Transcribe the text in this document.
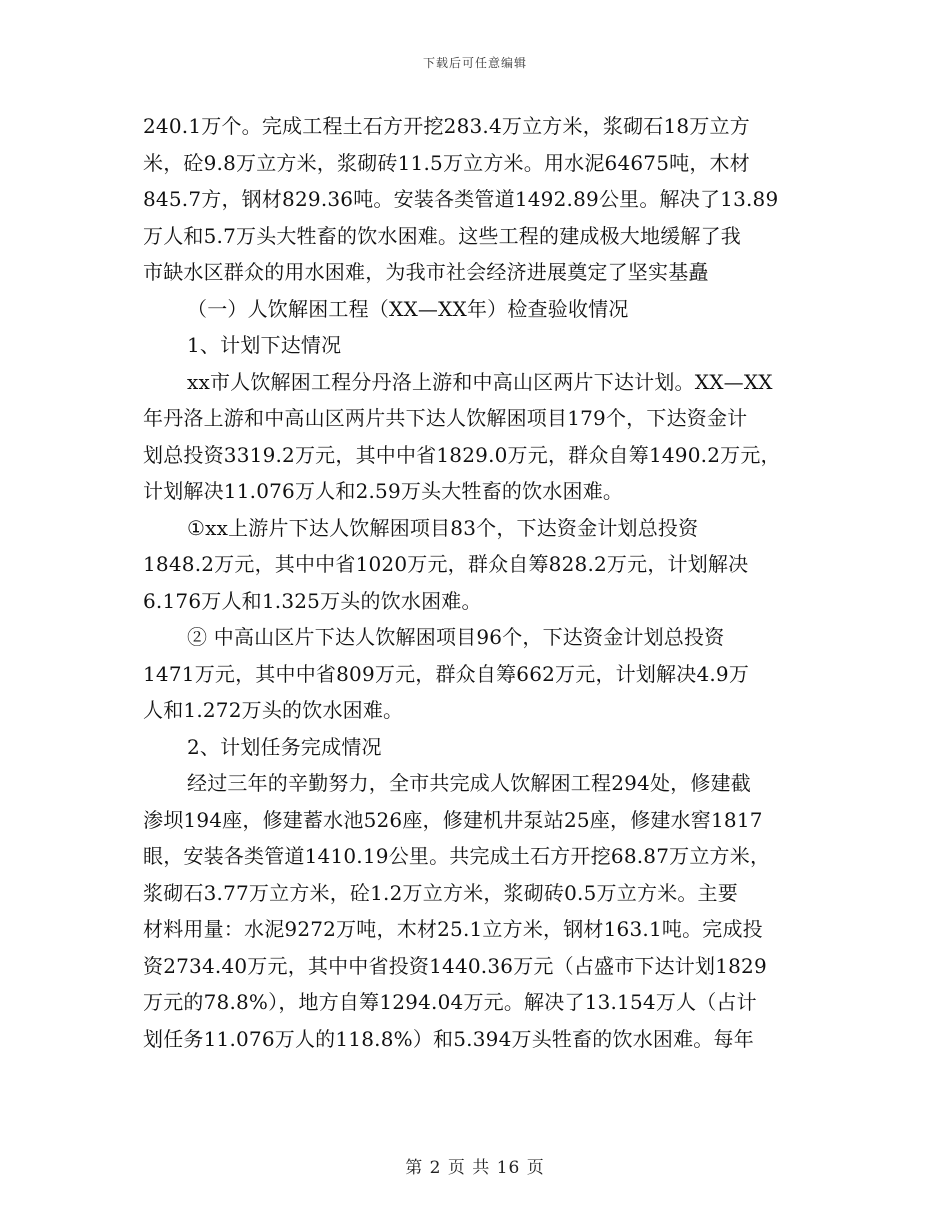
下载后可任意编辑
240.1万个。完成工程土石方开挖283.4万立方米，浆砌石18万立方
米，砼9.8万立方米，浆砌砖11.5万立方米。用水泥64675吨，木材
845.7方，钢材829.36吨。安装各类管道1492.89公里。解决了13.89
万人和5.7万头大牲畜的饮水困难。这些工程的建成极大地缓解了我
市缺水区群众的用水困难，为我市社会经济进展奠定了坚实基矗
（一）人饮解困工程（XX—XX年）检查验收情况
1、计划下达情况
xx市人饮解困工程分丹洛上游和中高山区两片下达计划。XX—XX
年丹洛上游和中高山区两片共下达人饮解困项目179个，下达资金计
划总投资3319.2万元，其中中省1829.0万元，群众自筹1490.2万元，
计划解决11.076万人和2.59万头大牲畜的饮水困难。
①xx上游片下达人饮解困项目83个，下达资金计划总投资
1848.2万元，其中中省1020万元，群众自筹828.2万元，计划解决
6.176万人和1.325万头的饮水困难。
② 中高山区片下达人饮解困项目96个，下达资金计划总投资
1471万元，其中中省809万元，群众自筹662万元，计划解决4.9万
人和1.272万头的饮水困难。
2、计划任务完成情况
经过三年的辛勤努力，全市共完成人饮解困工程294处，修建截
渗坝194座，修建蓄水池526座，修建机井泵站25座，修建水窖1817
眼，安装各类管道1410.19公里。共完成土石方开挖68.87万立方米，
浆砌石3.77万立方米，砼1.2万立方米，浆砌砖0.5万立方米。主要
材料用量：水泥9272万吨，木材25.1立方米，钢材163.1吨。完成投
资2734.40万元，其中中省投资1440.36万元（占盛市下达计划1829
万元的78.8%），地方自筹1294.04万元。解决了13.154万人（占计
划任务11.076万人的118.8%）和5.394万头牲畜的饮水困难。每年
第 2 页 共 16 页
